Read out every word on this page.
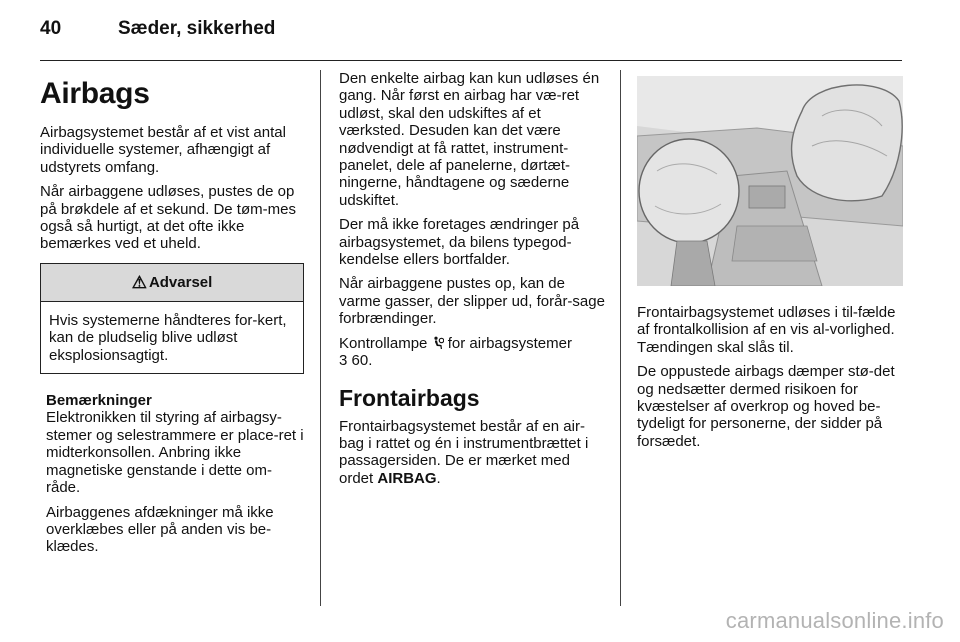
40	Sæder, sikkerhed
Airbags

Airbagsystemet består af et vist antal individuelle systemer, afhængigt af udstyrets omfang.

Når airbaggene udløses, pustes de op på brøkdele af et sekund. De tøm-mes også så hurtigt, at det ofte ikke bemærkes ved et uheld.

⚠ Advarsel
Hvis systemerne håndteres for-kert, kan de pludselig blive udløst eksplosionsagtigt.
Bemærkninger

Elektronikken til styring af airbagsy-stemer og selestrammere er place-ret i midterkonsollen. Anbring ikke magnetiske genstande i dette om-råde.

Airbaggenes afdækninger må ikke overklæbes eller på anden vis be-klædes.

Den enkelte airbag kan kun udløses én gang. Når først en airbag har væ-ret udløst, skal den udskiftes af et værksted. Desuden kan det være nødvendigt at få rattet, instrument-panelet, dele af panelerne, dørtæt-ningerne, håndtagene og sæderne udskiftet.

Der må ikke foretages ændringer på airbagsystemet, da bilens typegod-kendelse ellers bortfalder.

Når airbaggene pustes op, kan de varme gasser, der slipper ud, forår-sage forbrændinger.

Kontrollampe for airbagsystemer
3 60.

Frontairbags

Frontairbagsystemet består af en air-bag i rattet og én i instrumentbrættet i passagersiden. De er mærket med ordet AIRBAG.

Frontairbagsystemet udløses i til-fælde af frontalkollision af en vis al-vorlighed. Tændingen skal slås til.

De oppustede airbags dæmper stø-det og nedsætter dermed risikoen for kvæstelser af overkrop og hoved be-tydeligt for personerne, der sidder på forsædet.

carmanualsonline.info
